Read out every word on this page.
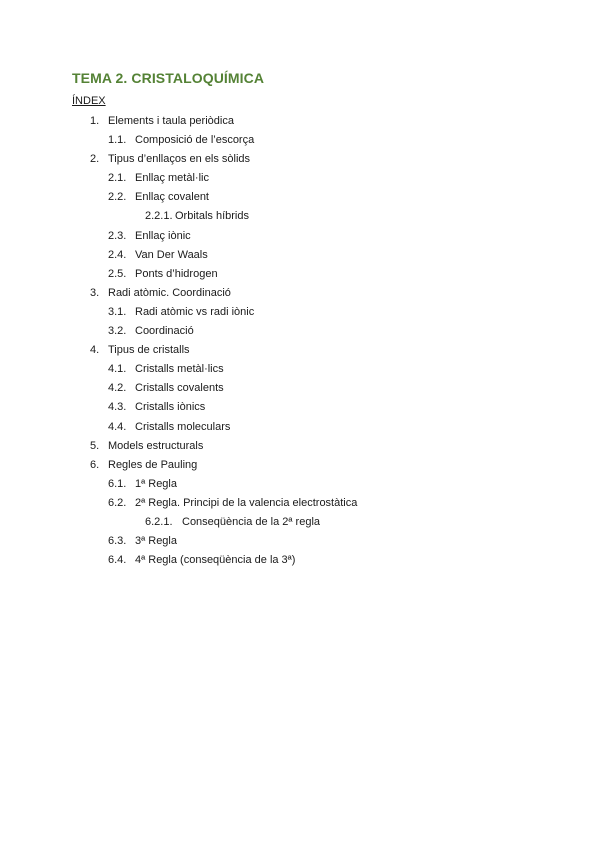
TEMA 2. CRISTALOQUÍMICA
ÍNDEX
1. Elements i taula periòdica
1.1. Composició de l’escorça
2. Tipus d’enllaços en els sòlids
2.1. Enllaç metàl·lic
2.2. Enllaç covalent
2.2.1. Orbitals híbrids
2.3. Enllaç iònic
2.4. Van Der Waals
2.5. Ponts d’hidrogen
3. Radi atòmic. Coordinació
3.1. Radi atòmic vs radi iònic
3.2. Coordinació
4. Tipus de cristalls
4.1. Cristalls metàl·lics
4.2. Cristalls covalents
4.3. Cristalls iònics
4.4. Cristalls moleculars
5. Models estructurals
6. Regles de Pauling
6.1. 1ª Regla
6.2. 2ª Regla. Principi de la valencia electrostàtica
6.2.1. Conseqüència de la 2ª regla
6.3. 3ª Regla
6.4. 4ª Regla (conseqüència de la 3ª)
